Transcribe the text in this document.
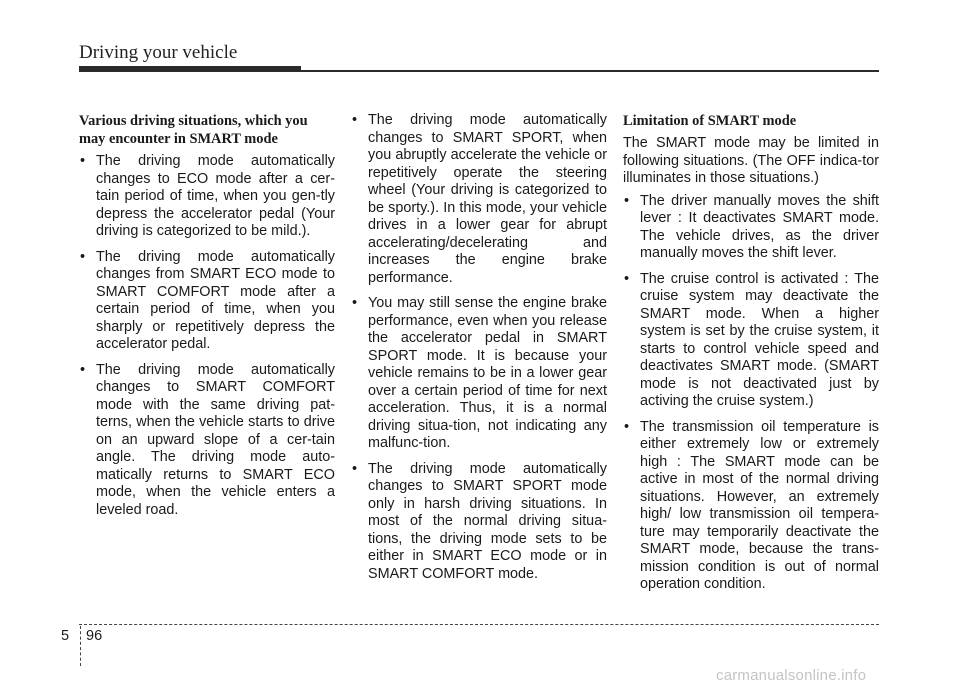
Driving your vehicle
Various driving situations, which you may encounter in SMART mode
• The driving mode automatically changes to ECO mode after a cer-tain period of time, when you gen-tly depress the accelerator pedal (Your driving is categorized to be mild.).
• The driving mode automatically changes from SMART ECO mode to SMART COMFORT mode after a certain period of time, when you sharply or repetitively depress the accelerator pedal.
• The driving mode automatically changes to SMART COMFORT mode with the same driving pat-terns, when the vehicle starts to drive on an upward slope of a cer-tain angle. The driving mode auto-matically returns to SMART ECO mode, when the vehicle enters a leveled road.
• The driving mode automatically changes to SMART SPORT, when you abruptly accelerate the vehicle or repetitively operate the steering wheel (Your driving is categorized to be sporty.). In this mode, your vehicle drives in a lower gear for abrupt accelerating/decelerating and increases the engine brake performance.
• You may still sense the engine brake performance, even when you release the accelerator pedal in SMART SPORT mode. It is because your vehicle remains to be in a lower gear over a certain period of time for next acceleration. Thus, it is a normal driving situa-tion, not indicating any malfunc-tion.
• The driving mode automatically changes to SMART SPORT mode only in harsh driving situations. In most of the normal driving situa-tions, the driving mode sets to be either in SMART ECO mode or in SMART COMFORT mode.
Limitation of SMART mode
The SMART mode may be limited in following situations. (The OFF indica-tor illuminates in those situations.)
• The driver manually moves the shift lever : It deactivates SMART mode. The vehicle drives, as the driver manually moves the shift lever.
• The cruise control is activated : The cruise system may deactivate the SMART mode. When a higher system is set by the cruise system, it starts to control vehicle speed and deactivates SMART mode. (SMART mode is not deactivated just by activing the cruise system.)
• The transmission oil temperature is either extremely low or extremely high : The SMART mode can be active in most of the normal driving situations. However, an extremely high/ low transmission oil tempera-ture may temporarily deactivate the SMART mode, because the trans-mission condition is out of normal operation condition.
5 96
carmanualsonline.info
